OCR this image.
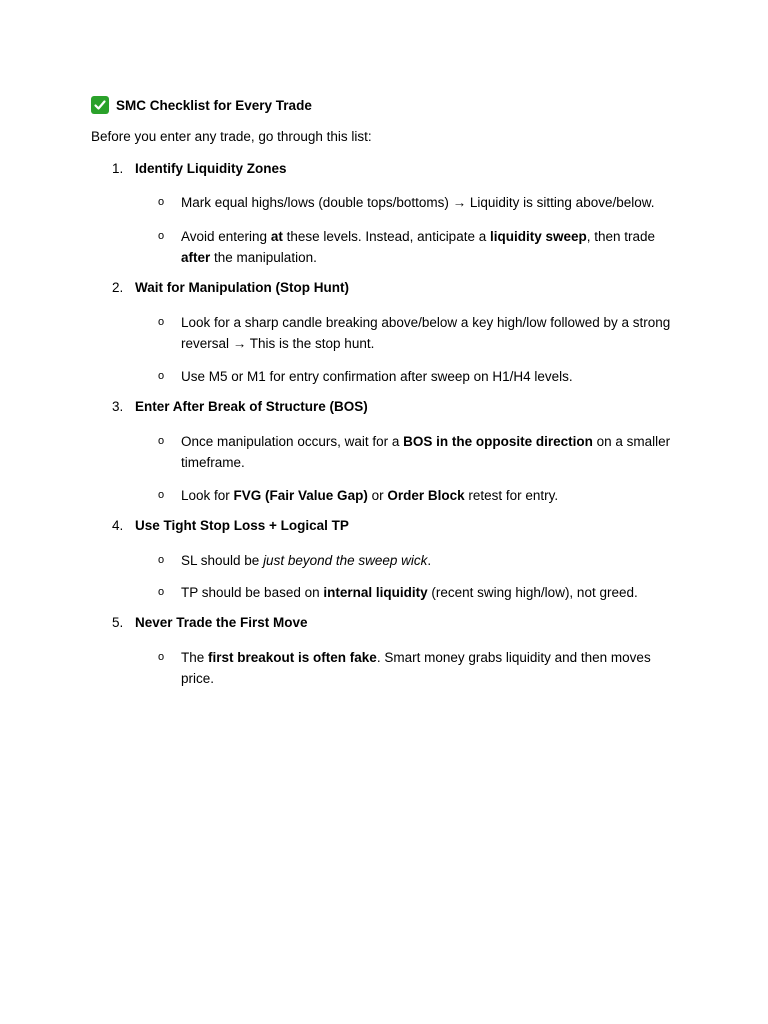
SMC Checklist for Every Trade
Before you enter any trade, go through this list:
1. Identify Liquidity Zones
o Mark equal highs/lows (double tops/bottoms) → Liquidity is sitting above/below.
o Avoid entering at these levels. Instead, anticipate a liquidity sweep, then trade after the manipulation.
2. Wait for Manipulation (Stop Hunt)
o Look for a sharp candle breaking above/below a key high/low followed by a strong reversal → This is the stop hunt.
o Use M5 or M1 for entry confirmation after sweep on H1/H4 levels.
3. Enter After Break of Structure (BOS)
o Once manipulation occurs, wait for a BOS in the opposite direction on a smaller timeframe.
o Look for FVG (Fair Value Gap) or Order Block retest for entry.
4. Use Tight Stop Loss + Logical TP
o SL should be just beyond the sweep wick.
o TP should be based on internal liquidity (recent swing high/low), not greed.
5. Never Trade the First Move
o The first breakout is often fake. Smart money grabs liquidity and then moves price.
